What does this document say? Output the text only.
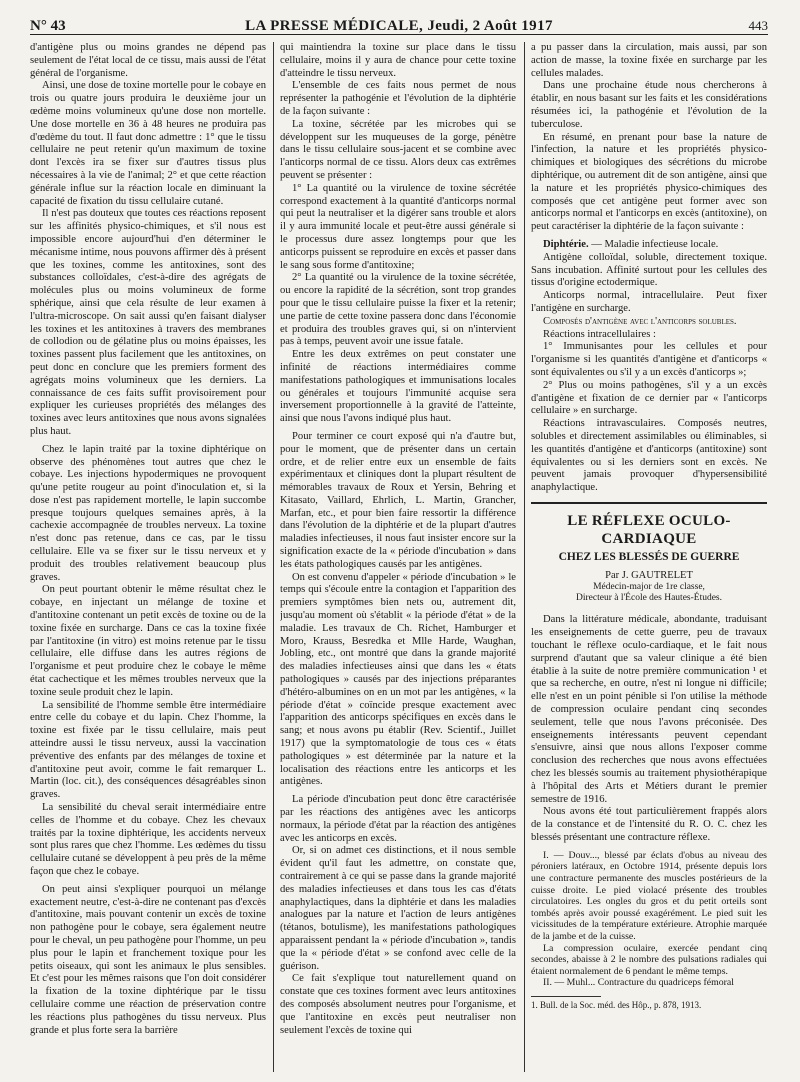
N° 43	LA PRESSE MÉDICALE, Jeudi, 2 Août 1917	443

d'antigène plus ou moins grandes ne dépend pas seulement de l'état local de ce tissu, mais aussi de l'état général de l'organisme.

Ainsi, une dose de toxine mortelle pour le cobaye en trois ou quatre jours produira le deuxième jour un œdème moins volumineux qu'une dose non mortelle. Une dose mortelle en 36 à 48 heures ne produira pas d'œdème du tout. Il faut donc admettre : 1° que le tissu cellulaire ne peut retenir qu'un maximum de toxine dont l'excès ira se fixer sur d'autres tissus plus nécessaires à la vie de l'animal; 2° et que cette réaction générale influe sur la réaction locale en diminuant la capacité de fixation du tissu cellulaire cutané.

Il n'est pas douteux que toutes ces réactions reposent sur les affinités physico-chimiques, et s'il nous est impossible encore aujourd'hui d'en déterminer le mécanisme intime, nous pouvons affirmer dès à présent que les toxines, comme les antitoxines, sont des substances colloïdales, c'est-à-dire des agrégats de molécules plus ou moins volumineux de forme sphérique, ainsi que cela résulte de leur examen à l'ultra-microscope. On sait aussi qu'en faisant dialyser les toxines et les antitoxines à travers des membranes de collodion ou de gélatine plus ou moins épaisses, les toxines passent plus facilement que les antitoxines, on peut donc en conclure que les premiers forment des agrégats moins volumineux que les derniers. La connaissance de ces faits suffit provisoirement pour expliquer les curieuses propriétés des mélanges des toxines avec leurs antitoxines que nous avons signalées plus haut.

Chez le lapin traité par la toxine diphtérique on observe des phénomènes tout autres que chez le cobaye. Les injections hypodermiques ne provoquent qu'une petite rougeur au point d'inoculation et, si la dose n'est pas rapidement mortelle, le lapin succombe presque toujours quelques semaines après, à la cachexie accompagnée de troubles nerveux. La toxine n'est donc pas retenue, dans ce cas, par le tissu cellulaire. Elle va se fixer sur le tissu nerveux et y produit des troubles relativement beaucoup plus graves.

On peut pourtant obtenir le même résultat chez le cobaye, en injectant un mélange de toxine et d'antitoxine contenant un petit excès de toxine ou de la toxine fixée en surcharge. Dans ce cas la toxine fixée par l'antitoxine (in vitro) est moins retenue par le tissu cellulaire, elle diffuse dans les autres régions de l'organisme et peut produire chez le cobaye le même état cachectique et les mêmes troubles nerveux que la toxine seule produit chez le lapin.

La sensibilité de l'homme semble être intermédiaire entre celle du cobaye et du lapin. Chez l'homme, la toxine est fixée par le tissu cellulaire, mais peut atteindre aussi le tissu nerveux, aussi la vaccination préventive des enfants par des mélanges de toxine et d'antitoxine peut avoir, comme le fait remarquer L. Martin (loc. cit.), des conséquences désagréables sinon graves.

La sensibilité du cheval serait intermédiaire entre celles de l'homme et du cobaye. Chez les chevaux traités par la toxine diphtérique, les accidents nerveux sont plus rares que chez l'homme. Les œdèmes du tissu cellulaire cutané se développent à peu près de la même façon que chez le cobaye.

On peut ainsi s'expliquer pourquoi un mélange exactement neutre, c'est-à-dire ne contenant pas d'excès d'antitoxine, mais pouvant contenir un excès de toxine non pathogène pour le cobaye, sera également neutre pour le cheval, un peu pathogène pour l'homme, un peu plus pour le lapin et franchement toxique pour les petits oiseaux, qui sont les animaux le plus sensibles. Et c'est pour les mêmes raisons que l'on doit considérer la fixation de la toxine diphtérique par le tissu cellulaire comme une réaction de préservation contre les réactions plus pathogènes du tissu nerveux. Plus grande et plus forte sera la barrière

qui maintiendra la toxine sur place dans le tissu cellulaire, moins il y aura de chance pour cette toxine d'atteindre le tissu nerveux.

L'ensemble de ces faits nous permet de nous représenter la pathogénie et l'évolution de la diphtérie de la façon suivante :

La toxine, sécrétée par les microbes qui se développent sur les muqueuses de la gorge, pénètre dans le tissu cellulaire sous-jacent et se combine avec l'anticorps normal de ce tissu. Alors deux cas extrêmes peuvent se présenter :

1° La quantité ou la virulence de toxine sécrétée correspond exactement à la quantité d'anticorps normal qui peut la neutraliser et la digérer sans trouble et alors il y aura immunité locale et peut-être aussi générale si le processus dure assez longtemps pour que les anticorps puissent se reproduire en excès et passer dans le sang sous forme d'antitoxine;

2° La quantité ou la virulence de la toxine sécrétée, ou encore la rapidité de la sécrétion, sont trop grandes pour que le tissu cellulaire puisse la fixer et la retenir; une partie de cette toxine passera donc dans l'économie et produira des troubles graves qui, si on n'intervient pas à temps, peuvent avoir une issue fatale.

Entre les deux extrêmes on peut constater une infinité de réactions intermédiaires comme manifestations pathologiques et immunisations locales ou générales et toujours l'immunité acquise sera inversement proportionnelle à la gravité de l'atteinte, ainsi que nous l'avons indiqué plus haut.

Pour terminer ce court exposé qui n'a d'autre but, pour le moment, que de présenter dans un certain ordre, et de relier entre eux un ensemble de faits expérimentaux et cliniques dont la plupart résultent de mémorables travaux de Roux et Yersin, Behring et Kitasato, Vaillard, Ehrlich, L. Martin, Grancher, Marfan, etc., et pour bien faire ressortir la différence dans l'évolution de la diphtérie et de la plupart d'autres maladies infectieuses, il nous faut insister encore sur la signification exacte de la « période d'incubation » dans les états pathologiques causés par les antigènes.

On est convenu d'appeler « période d'incubation » le temps qui s'écoule entre la contagion et l'apparition des premiers symptômes bien nets ou, autrement dit, jusqu'au moment où s'établit « la période d'état » de la maladie. Les travaux de Ch. Richet, Hamburger et Moro, Krauss, Besredka et Mlle Harde, Waughan, Jobling, etc., ont montré que dans la grande majorité des maladies infectieuses ainsi que dans les « états pathologiques » causés par des injections préparantes d'hétéro-albumines on en un mot par les antigènes, « la période d'état » coïncide presque exactement avec l'apparition des anticorps spécifiques en excès dans le sang; et nous avons pu établir (Rev. Scientif., Juillet 1917) que la symptomatologie de tous ces « états pathologiques » est déterminée par la nature et la localisation des réactions entre les anticorps et les antigènes.

La période d'incubation peut donc être caractérisée par les réactions des antigènes avec les anticorps normaux, la période d'état par la réaction des antigènes avec les anticorps en excès.

Or, si on admet ces distinctions, et il nous semble évident qu'il faut les admettre, on constate que, contrairement à ce qui se passe dans la grande majorité des maladies infectieuses et dans tous les cas d'états anaphylactiques, dans la diphtérie et dans les maladies analogues par la nature et l'action de leurs antigènes (tétanos, botulisme), les manifestations pathologiques apparaissent pendant la « période d'incubation », tandis que la « période d'état » se confond avec celle de la guérison.

Ce fait s'explique tout naturellement quand on constate que ces toxines forment avec leurs antitoxines des composés absolument neutres pour l'organisme, et que l'antitoxine en excès peut neutraliser non seulement l'excès de toxine qui

a pu passer dans la circulation, mais aussi, par son action de masse, la toxine fixée en surcharge par les cellules malades.

Dans une prochaine étude nous chercherons à établir, en nous basant sur les faits et les considérations résumées ici, la pathogénie et l'évolution de la tuberculose.

En résumé, en prenant pour base la nature de l'infection, la nature et les propriétés physico-chimiques et biologiques des sécrétions du microbe diphtérique, ou autrement dit de son antigène, ainsi que la nature et les propriétés physico-chimiques des composés que cet antigène peut former avec son anticorps normal et l'anticorps en excès (antitoxine), on peut caractériser la diphtérie de la façon suivante :

Diphtérie. — Maladie infectieuse locale.

Antigène colloïdal, soluble, directement toxique. Sans incubation. Affinité surtout pour les cellules des tissus d'origine ectodermique.

Anticorps normal, intracellulaire. Peut fixer l'antigène en surcharge.

Composés d'antigène avec l'anticorps solubles.

Réactions intracellulaires :

1° Immunisantes pour les cellules et pour l'organisme si les quantités d'antigène et d'anticorps « sont équivalentes ou s'il y a un excès d'anticorps »;

2° Plus ou moins pathogènes, s'il y a un excès d'antigène et fixation de ce dernier par « l'anticorps cellulaire » en surcharge.

Réactions intravasculaires. Composés neutres, solubles et directement assimilables ou éliminables, si les quantités d'antigène et d'anticorps (antitoxine) sont équivalentes ou si les derniers sont en excès. Ne peuvent jamais provoquer d'hypersensibilité anaphylactique.

LE RÉFLEXE OCULO-CARDIAQUE
CHEZ LES BLESSÉS DE GUERRE
Par J. GAUTRELET
Médecin-major de 1re classe,
Directeur à l'École des Hautes-Études.

Dans la littérature médicale, abondante, traduisant les enseignements de cette guerre, peu de travaux touchant le réflexe oculo-cardiaque, et le fait nous surprend d'autant que sa valeur clinique a été bien établie à la suite de notre première communication ¹ et que sa recherche, en outre, n'est ni longue ni difficile; elle n'est en un point pénible si l'on utilise la méthode de compression oculaire pendant cinq secondes seulement, telle que nous l'avons préconisée. Des enseignements intéressants peuvent cependant s'ensuivre, ainsi que nous allons l'exposer comme conclusion des recherches que nous avons effectuées chez les blessés soumis au traitement physiothérapique à l'hôpital des Arts et Métiers durant le premier semestre de 1916.

Nous avons été tout particulièrement frappés alors de la constance et de l'intensité du R. O. C. chez les blessés présentant une contracture réflexe.

I. — Douv..., blessé par éclats d'obus au niveau des péroniers latéraux, en Octobre 1914, présente depuis lors une contracture permanente des muscles postérieurs de la cuisse droite. Le pied violacé présente des troubles circulatoires. Les ongles du gros et du petit orteils sont tombés après avoir poussé exagérément. Le pied suit les vicissitudes de la température extérieure. Atrophie marquée de la jambe et de la cuisse.

La compression oculaire, exercée pendant cinq secondes, abaisse à 2 le nombre des pulsations radiales qui étaient normalement de 6 pendant le même temps.

II. — Muhl... Contracture du quadriceps fémoral

1. Bull. de la Soc. méd. des Hôp., p. 878, 1913.
